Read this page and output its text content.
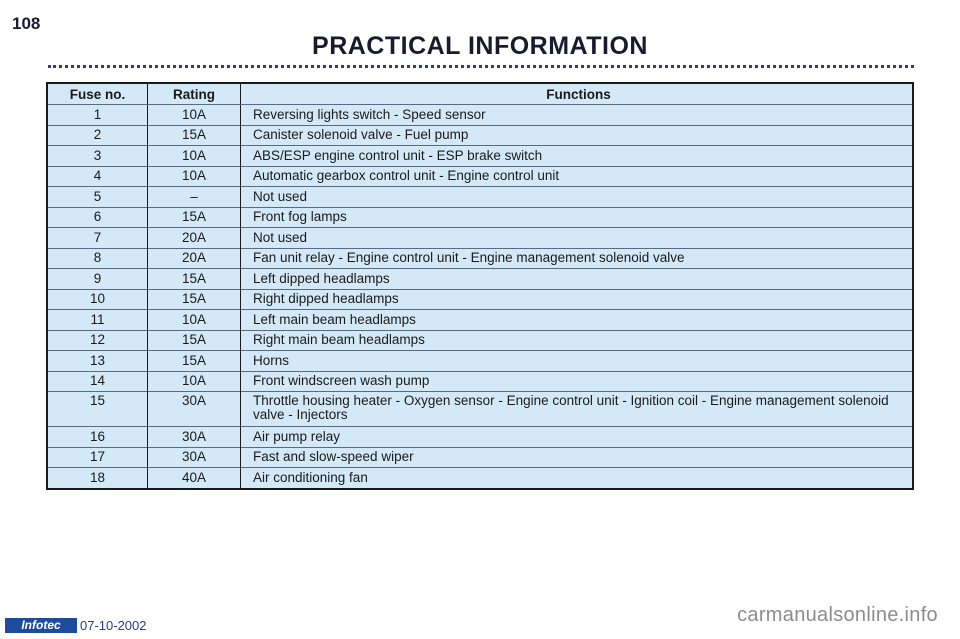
108
PRACTICAL INFORMATION
Fuse no.	Rating	Functions
1	10A	Reversing lights switch - Speed sensor
2	15A	Canister solenoid valve - Fuel pump
3	10A	ABS/ESP engine control unit - ESP brake switch
4	10A	Automatic gearbox control unit - Engine control unit
5	–	Not used
6	15A	Front fog lamps
7	20A	Not used
8	20A	Fan unit relay - Engine control unit - Engine management solenoid valve
9	15A	Left dipped headlamps
10	15A	Right dipped headlamps
11	10A	Left main beam headlamps
12	15A	Right main beam headlamps
13	15A	Horns
14	10A	Front windscreen wash pump
15	30A	Throttle housing heater - Oxygen sensor - Engine control unit - Ignition coil - Engine management solenoid valve - Injectors
16	30A	Air pump relay
17	30A	Fast and slow-speed wiper
18	40A	Air conditioning fan
Infotec	07-10-2002	carmanualsonline.info
